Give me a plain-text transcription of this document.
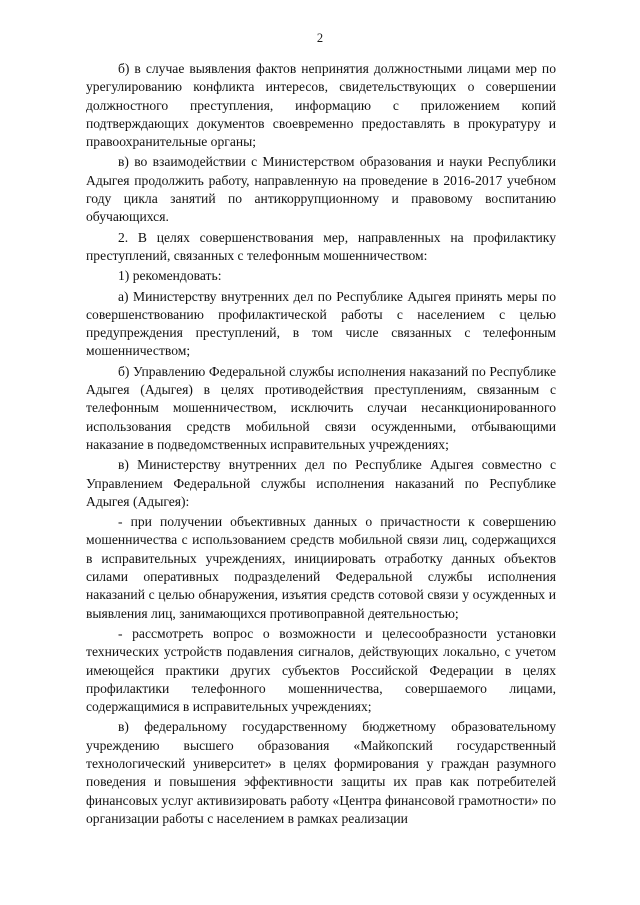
2

б) в случае выявления фактов непринятия должностными лицами мер по урегулированию конфликта интересов, свидетельствующих о совершении должностного преступления, информацию с приложением копий подтверждающих документов своевременно предоставлять в прокуратуру и правоохранительные органы;

в) во взаимодействии с Министерством образования и науки Республики Адыгея продолжить работу, направленную на проведение в 2016-2017 учебном году цикла занятий по антикоррупционному и правовому воспитанию обучающихся.

2. В целях совершенствования мер, направленных на профилактику преступлений, связанных с телефонным мошенничеством:

1) рекомендовать:

а) Министерству внутренних дел по Республике Адыгея принять меры по совершенствованию профилактической работы с населением с целью предупреждения преступлений, в том числе связанных с телефонным мошенничеством;

б) Управлению Федеральной службы исполнения наказаний по Республике Адыгея (Адыгея) в целях противодействия преступлениям, связанным с телефонным мошенничеством, исключить случаи несанкционированного использования средств мобильной связи осужденными, отбывающими наказание в подведомственных исправительных учреждениях;

в) Министерству внутренних дел по Республике Адыгея совместно с Управлением Федеральной службы исполнения наказаний по Республике Адыгея (Адыгея):

- при получении объективных данных о причастности к совершению мошенничества с использованием средств мобильной связи лиц, содержащихся в исправительных учреждениях, инициировать отработку данных объектов силами оперативных подразделений Федеральной службы исполнения наказаний с целью обнаружения, изъятия средств сотовой связи у осужденных и выявления лиц, занимающихся противоправной деятельностью;

- рассмотреть вопрос о возможности и целесообразности установки технических устройств подавления сигналов, действующих локально, с учетом имеющейся практики других субъектов Российской Федерации в целях профилактики телефонного мошенничества, совершаемого лицами, содержащимися в исправительных учреждениях;

в) федеральному государственному бюджетному образовательному учреждению высшего образования «Майкопский государственный технологический университет» в целях формирования у граждан разумного поведения и повышения эффективности защиты их прав как потребителей финансовых услуг активизировать работу «Центра финансовой грамотности» по организации работы с населением в рамках реализации
